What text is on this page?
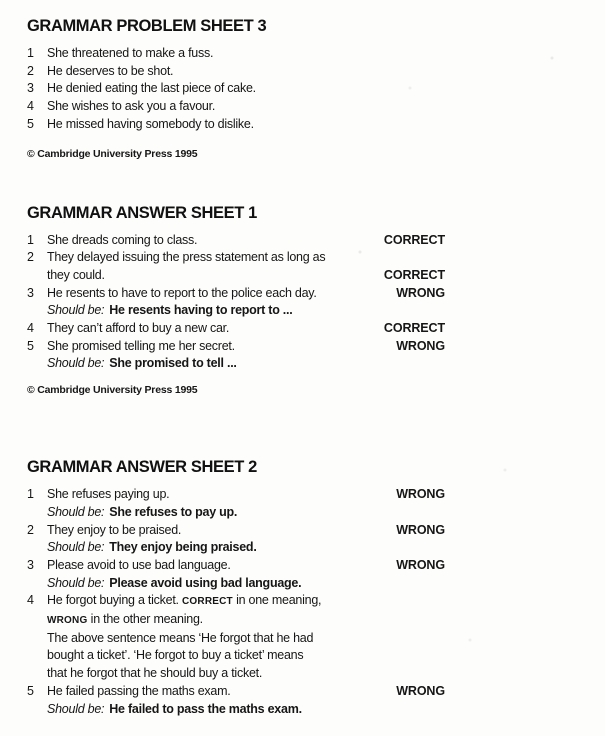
GRAMMAR PROBLEM SHEET 3
1	She threatened to make a fuss.
2	He deserves to be shot.
3	He denied eating the last piece of cake.
4	She wishes to ask you a favour.
5	He missed having somebody to dislike.

© Cambridge University Press 1995

GRAMMAR ANSWER SHEET 1
1	She dreads coming to class.	CORRECT
2	They delayed issuing the press statement as long as
they could.	CORRECT
3	He resents to have to report to the police each day.	WRONG
Should be: He resents having to report to ...
4	They can’t afford to buy a new car.	CORRECT
5	She promised telling me her secret.	WRONG
Should be: She promised to tell ...

© Cambridge University Press 1995

GRAMMAR ANSWER SHEET 2
1	She refuses paying up.	WRONG
Should be: She refuses to pay up.
2	They enjoy to be praised.	WRONG
Should be: They enjoy being praised.
3	Please avoid to use bad language.	WRONG
Should be: Please avoid using bad language.
4	He forgot buying a ticket. CORRECT in one meaning,
WRONG in the other meaning.
The above sentence means ‘He forgot that he had
bought a ticket’. ‘He forgot to buy a ticket’ means
that he forgot that he should buy a ticket.
5	He failed passing the maths exam.	WRONG
Should be: He failed to pass the maths exam.
